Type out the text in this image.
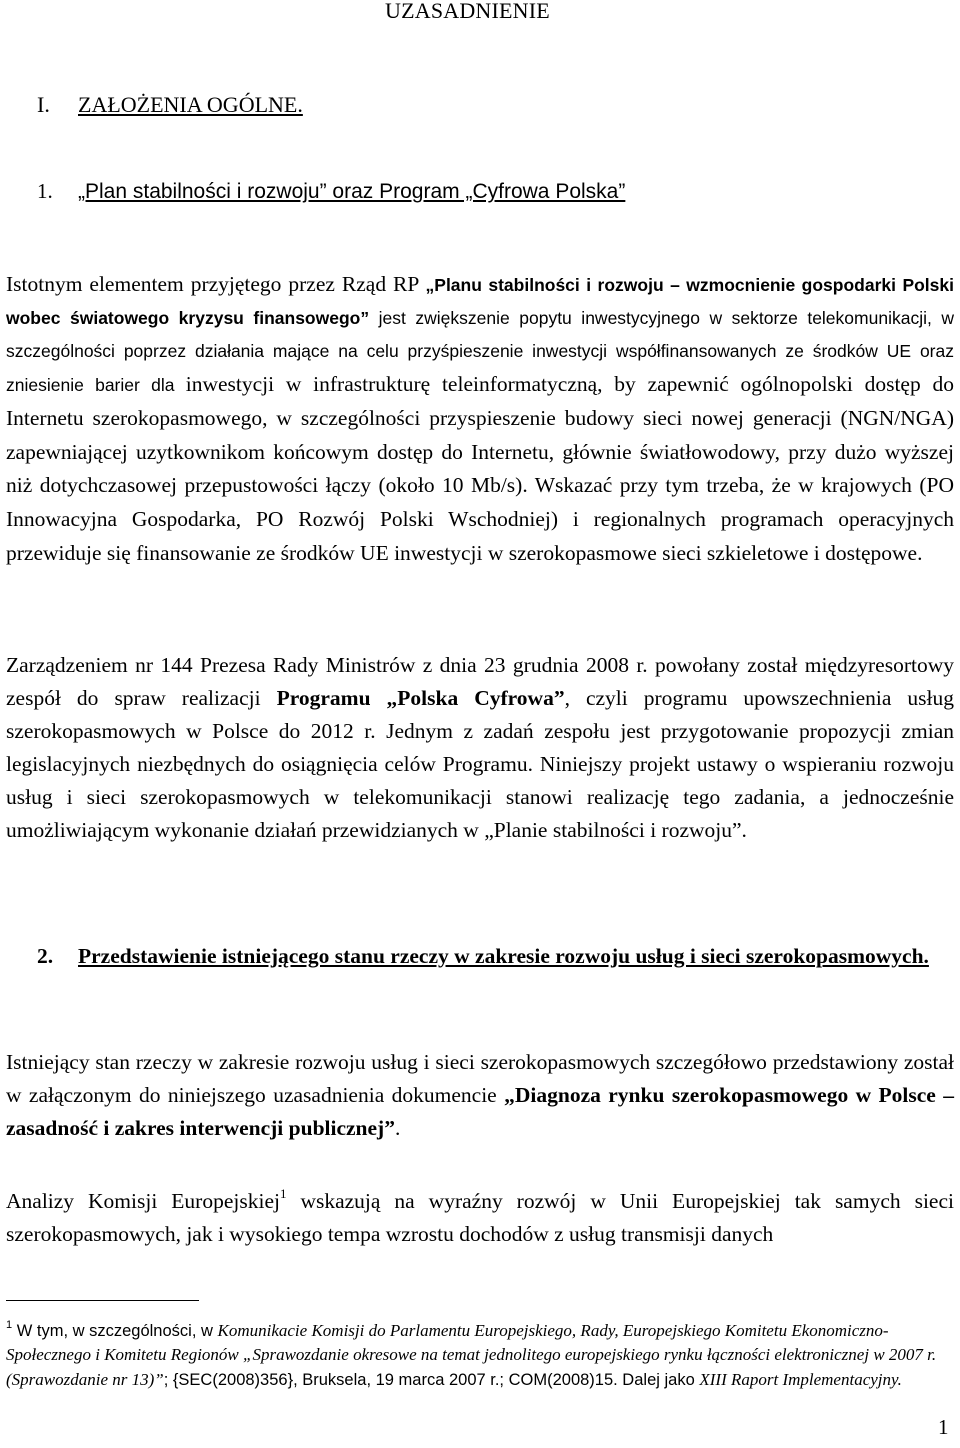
UZASADNIENIE
I. ZAŁOŻENIA OGÓLNE.
1. „Plan stabilności i rozwoju” oraz Program „Cyfrowa Polska”
Istotnym elementem przyjętego przez Rząd RP „Planu stabilności i rozwoju – wzmocnienie gospodarki Polski wobec światowego kryzysu finansowego” jest zwiększenie popytu inwestycyjnego w sektorze telekomunikacji, w szczególności poprzez działania mające na celu przyśpieszenie inwestycji współfinansowanych ze środków UE oraz zniesienie barier dla inwestycji w infrastrukturę teleinformatyczną, by zapewnić ogólnopolski dostęp do Internetu szerokopasmowego, w szczególności przyspieszenie budowy sieci nowej generacji (NGN/NGA) zapewniającej uzytkownikom końcowym dostęp do Internetu, głównie światłowodowy, przy dużo wyższej niż dotychczasowej przepustowości łączy (około 10 Mb/s). Wskazać przy tym trzeba, że w krajowych (PO Innowacyjna Gospodarka, PO Rozwój Polski Wschodniej) i regionalnych programach operacyjnych przewiduje się finansowanie ze środków UE inwestycji w szerokopasmowe sieci szkieletowe i dostępowe.
Zarządzeniem nr 144 Prezesa Rady Ministrów z dnia 23 grudnia 2008 r. powołany został międzyresortowy zespół do spraw realizacji Programu „Polska Cyfrowa”, czyli programu upowszechnienia usług szerokopasmowych w Polsce do 2012 r. Jednym z zadań zespołu jest przygotowanie propozycji zmian legislacyjnych niezbędnych do osiągnięcia celów Programu. Niniejszy projekt ustawy o wspieraniu rozwoju usług i sieci szerokopasmowych w telekomunikacji stanowi realizację tego zadania, a jednocześnie umożliwiającym wykonanie działań przewidzianych w „Planie stabilności i rozwoju”.
2.	Przedstawienie istniejącego stanu rzeczy w zakresie rozwoju usług i sieci szerokopasmowych.
Istniejący stan rzeczy w zakresie rozwoju usług i sieci szerokopasmowych szczegółowo przedstawiony został w załączonym do niniejszego uzasadnienia dokumencie „Diagnoza rynku szerokopasmowego w Polsce – zasadność i zakres interwencji publicznej”.
Analizy Komisji Europejskiej$^1$ wskazują na wyraźny rozwój w Unii Europejskiej tak samych sieci szerokopasmowych, jak i wysokiego tempa wzrostu dochodów z usług transmisji danych
$^1$ W tym, w szczególności, w Komunikacie Komisji do Parlamentu Europejskiego, Rady, Europejskiego Komitetu Ekonomiczno-Społecznego i Komitetu Regionów „Sprawozdanie okresowe na temat jednolitego europejskiego rynku łączności elektronicznej w 2007 r. (Sprawozdanie nr 13)”; {SEC(2008)356}, Bruksela, 19 marca 2007 r.; COM(2008)15. Dalej jako XIII Raport Implementacyjny.
1
